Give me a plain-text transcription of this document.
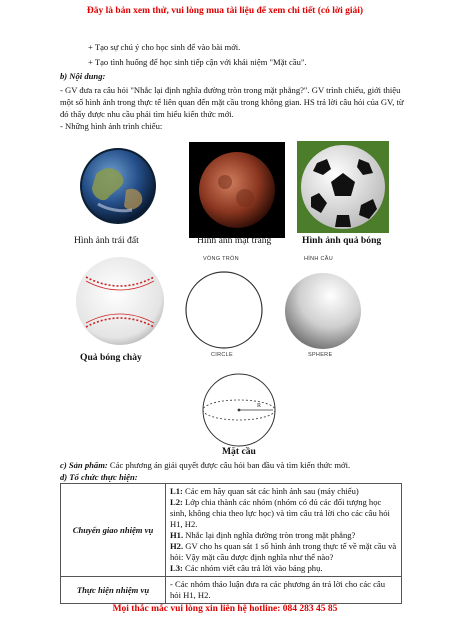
Đây là bản xem thử, vui lòng mua tài liệu để xem chi tiết (có lời giải)
+ Tạo sự chú ý cho học sinh để vào bài mới.
+ Tạo tình huống để học sinh tiếp cận với khái niệm "Mặt cầu".
b) Nội dung:
- GV đưa ra câu hỏi "Nhắc lại định nghĩa đường tròn trong mặt phẳng?". GV trình chiếu, giới thiệu
một số hình ảnh trong thực tế liên quan đến mặt cầu trong không gian. HS trả lời câu hỏi của GV, từ
đó thấy được nhu cầu phải tìm hiểu kiến thức mới.
- Những hình ảnh trình chiếu:
Hình ảnh trái đất	Hình ảnh mặt trăng	Hình ảnh quả bóng
Quả bóng chày
VÒNG TRÒN
CIRCLE
HÌNH CẦU
SPHERE
R
Mặt cầu
c) Sản phẩm: Các phương án giải quyết được câu hỏi ban đầu và tìm kiến thức mới.
d) Tổ chức thực hiện:
Chuyển giao nhiệm vụ	L1: Các em hãy quan sát các hình ảnh sau (máy chiếu)
L2: Lớp chia thành các nhóm (nhóm có đủ các đối tượng học sinh, không chia theo lực học) và tìm câu trả lời cho các câu hỏi H1, H2.
H1. Nhắc lại định nghĩa đường tròn trong mặt phẳng?
H2. GV cho hs quan sát 1 số hình ảnh trong thực tế về mặt cầu và hỏi: Vậy mặt cầu được định nghĩa như thế nào?
L3: Các nhóm viết câu trả lời vào bảng phụ.

Thực hiện nhiệm vụ	- Các nhóm thảo luận đưa ra các phương án trả lời cho các câu hỏi H1, H2.
Mọi thắc mắc vui lòng xin liên hệ hotline: 084 283 45 85
